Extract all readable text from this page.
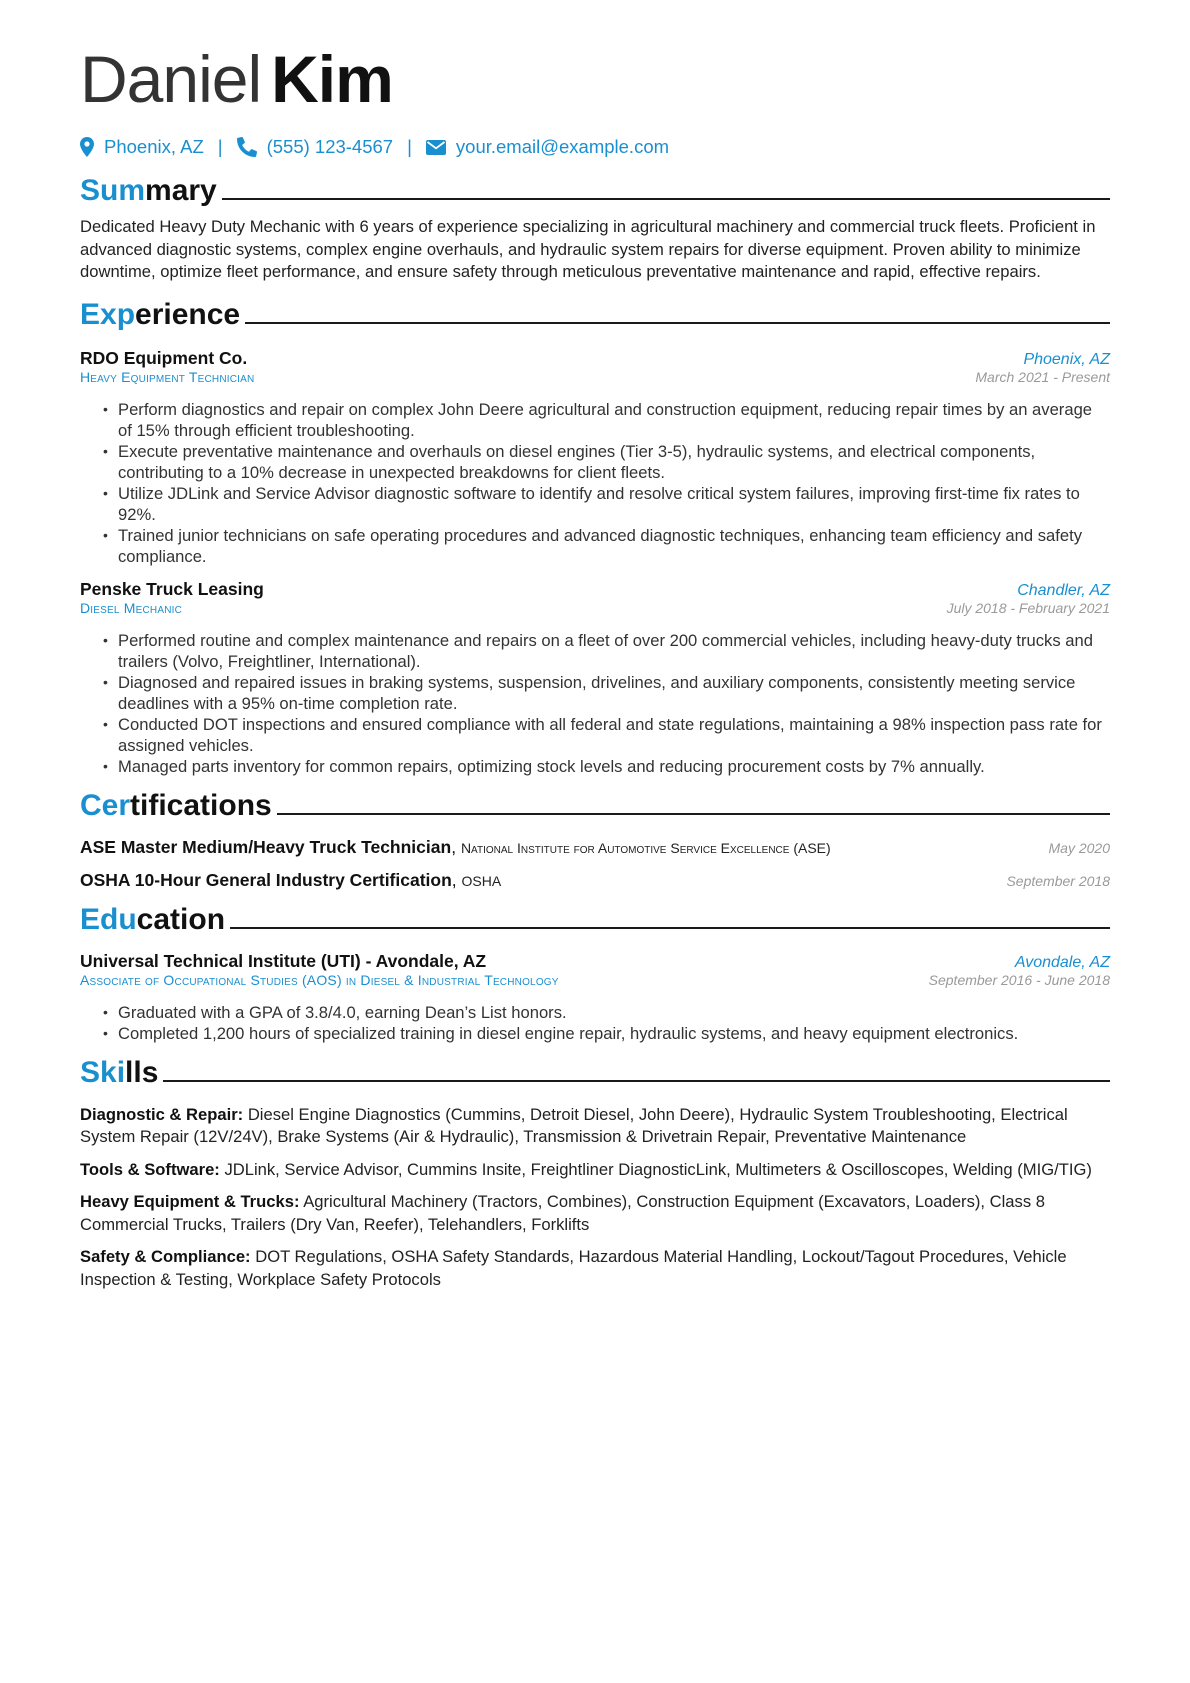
Daniel Kim
Phoenix, AZ | (555) 123-4567 | your.email@example.com
Summary

Dedicated Heavy Duty Mechanic with 6 years of experience specializing in agricultural machinery and commercial truck fleets. Proficient in advanced diagnostic systems, complex engine overhauls, and hydraulic system repairs for diverse equipment. Proven ability to minimize downtime, optimize fleet performance, and ensure safety through meticulous preventative maintenance and rapid, effective repairs.

Experience
RDO Equipment Co.	Phoenix, AZ
Heavy Equipment Technician	March 2021 - Present
• Perform diagnostics and repair on complex John Deere agricultural and construction equipment, reducing repair times by an average of 15% through efficient troubleshooting.
• Execute preventative maintenance and overhauls on diesel engines (Tier 3-5), hydraulic systems, and electrical components, contributing to a 10% decrease in unexpected breakdowns for client fleets.
• Utilize JDLink and Service Advisor diagnostic software to identify and resolve critical system failures, improving first-time fix rates to 92%.
• Trained junior technicians on safe operating procedures and advanced diagnostic techniques, enhancing team efficiency and safety compliance.
Penske Truck Leasing	Chandler, AZ
Diesel Mechanic	July 2018 - February 2021
• Performed routine and complex maintenance and repairs on a fleet of over 200 commercial vehicles, including heavy-duty trucks and trailers (Volvo, Freightliner, International).
• Diagnosed and repaired issues in braking systems, suspension, drivelines, and auxiliary components, consistently meeting service deadlines with a 95% on-time completion rate.
• Conducted DOT inspections and ensured compliance with all federal and state regulations, maintaining a 98% inspection pass rate for assigned vehicles.
• Managed parts inventory for common repairs, optimizing stock levels and reducing procurement costs by 7% annually.
Certifications
ASE Master Medium/Heavy Truck Technician, National Institute for Automotive Service Excellence (ASE)	May 2020
OSHA 10-Hour General Industry Certification, OSHA	September 2018
Education
Universal Technical Institute (UTI) - Avondale, AZ	Avondale, AZ
Associate of Occupational Studies (AOS) in Diesel & Industrial Technology	September 2016 - June 2018
• Graduated with a GPA of 3.8/4.0, earning Dean’s List honors.
• Completed 1,200 hours of specialized training in diesel engine repair, hydraulic systems, and heavy equipment electronics.
Skills
Diagnostic & Repair: Diesel Engine Diagnostics (Cummins, Detroit Diesel, John Deere), Hydraulic System Troubleshooting, Electrical System Repair (12V/24V), Brake Systems (Air & Hydraulic), Transmission & Drivetrain Repair, Preventative Maintenance
Tools & Software: JDLink, Service Advisor, Cummins Insite, Freightliner DiagnosticLink, Multimeters & Oscilloscopes, Welding (MIG/TIG)
Heavy Equipment & Trucks: Agricultural Machinery (Tractors, Combines), Construction Equipment (Excavators, Loaders), Class 8 Commercial Trucks, Trailers (Dry Van, Reefer), Telehandlers, Forklifts
Safety & Compliance: DOT Regulations, OSHA Safety Standards, Hazardous Material Handling, Lockout/Tagout Procedures, Vehicle Inspection & Testing, Workplace Safety Protocols
